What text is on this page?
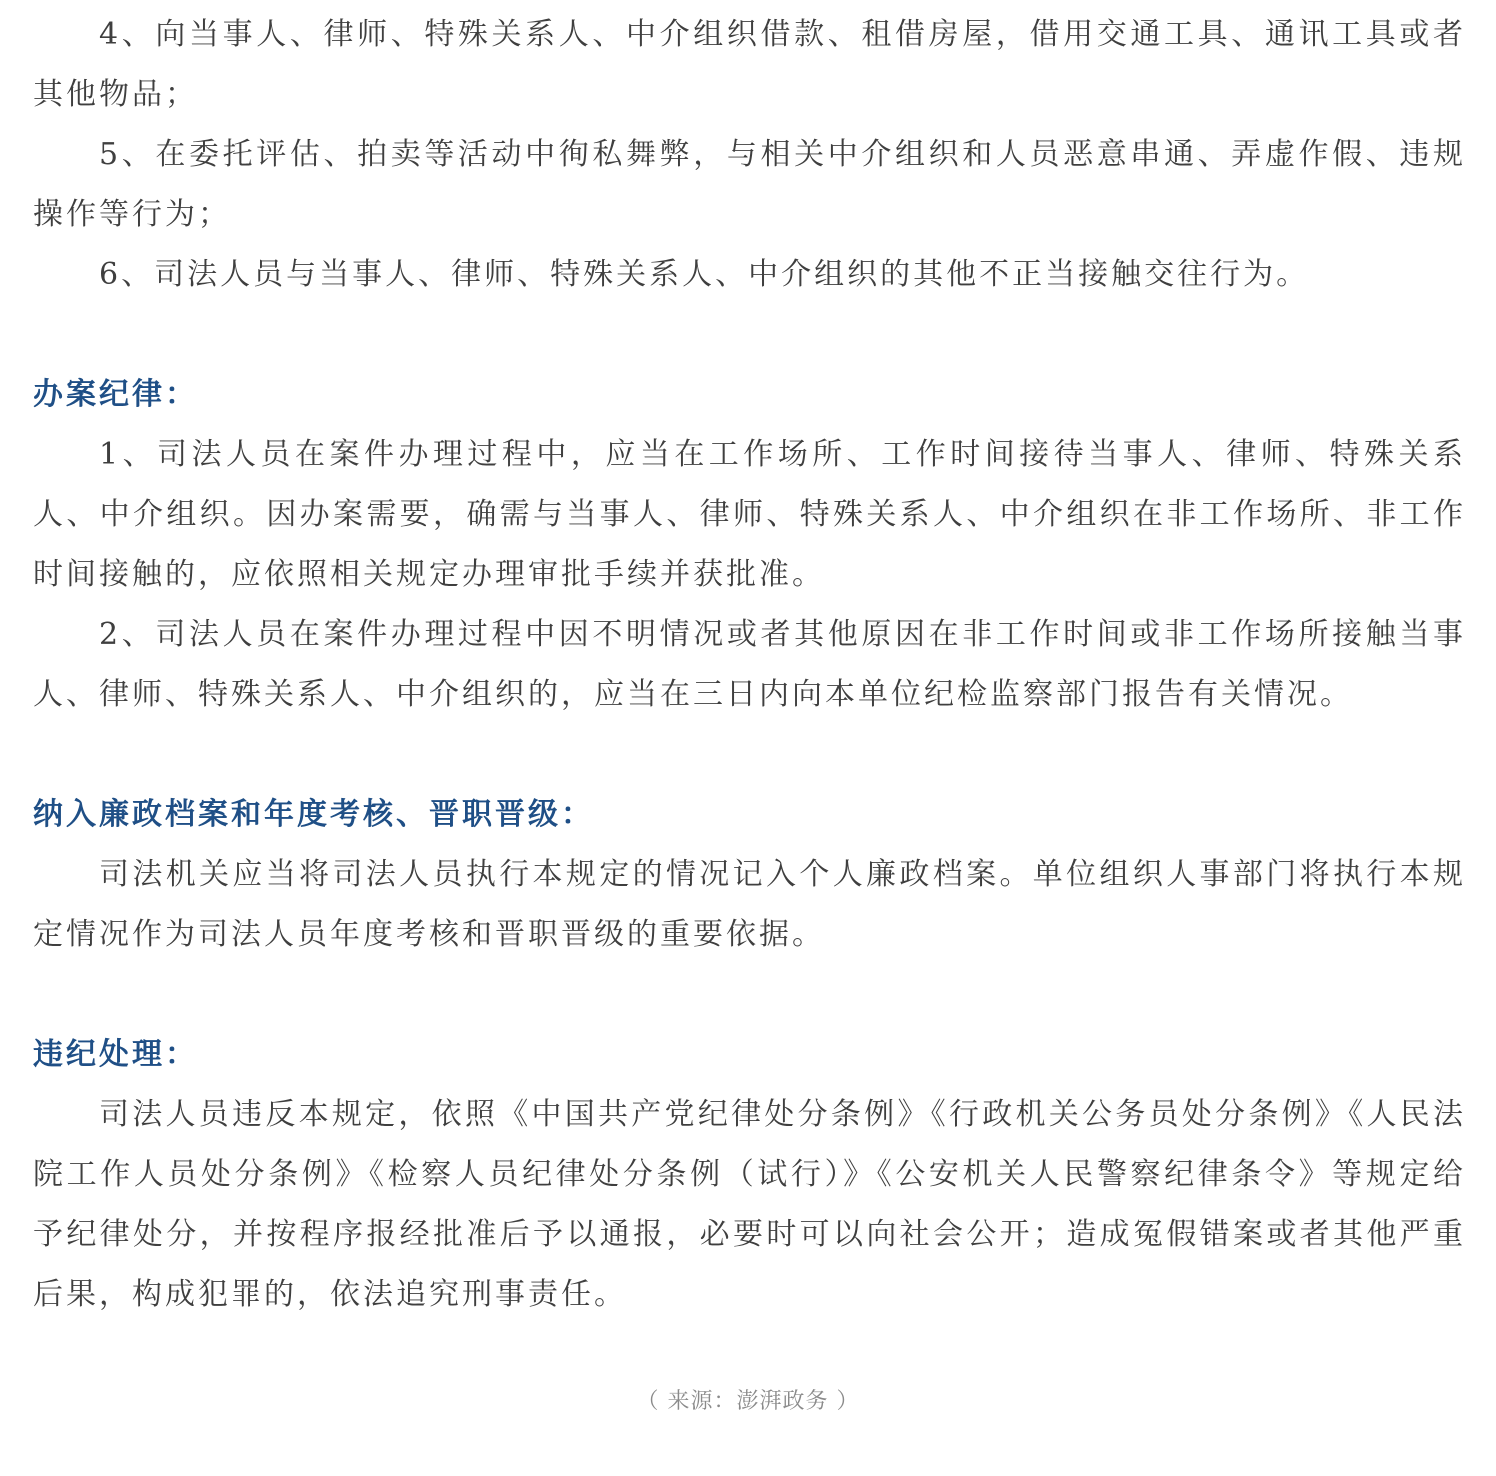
4、向当事人、律师、特殊关系人、中介组织借款、租借房屋，借用交通工具、通讯工具或者其他物品；

5、在委托评估、拍卖等活动中徇私舞弊，与相关中介组织和人员恶意串通、弄虚作假、违规操作等行为；

6、司法人员与当事人、律师、特殊关系人、中介组织的其他不正当接触交往行为。

办案纪律：

1、司法人员在案件办理过程中，应当在工作场所、工作时间接待当事人、律师、特殊关系人、中介组织。因办案需要，确需与当事人、律师、特殊关系人、中介组织在非工作场所、非工作时间接触的，应依照相关规定办理审批手续并获批准。

2、司法人员在案件办理过程中因不明情况或者其他原因在非工作时间或非工作场所接触当事人、律师、特殊关系人、中介组织的，应当在三日内向本单位纪检监察部门报告有关情况。

纳入廉政档案和年度考核、晋职晋级：

司法机关应当将司法人员执行本规定的情况记入个人廉政档案。单位组织人事部门将执行本规定情况作为司法人员年度考核和晋职晋级的重要依据。

违纪处理：

司法人员违反本规定，依照《中国共产党纪律处分条例》《行政机关公务员处分条例》《人民法院工作人员处分条例》《检察人员纪律处分条例（试行）》《公安机关人民警察纪律条令》等规定给予纪律处分，并按程序报经批准后予以通报，必要时可以向社会公开；造成冤假错案或者其他严重后果，构成犯罪的，依法追究刑事责任。

（ 来源：澎湃政务 ）
